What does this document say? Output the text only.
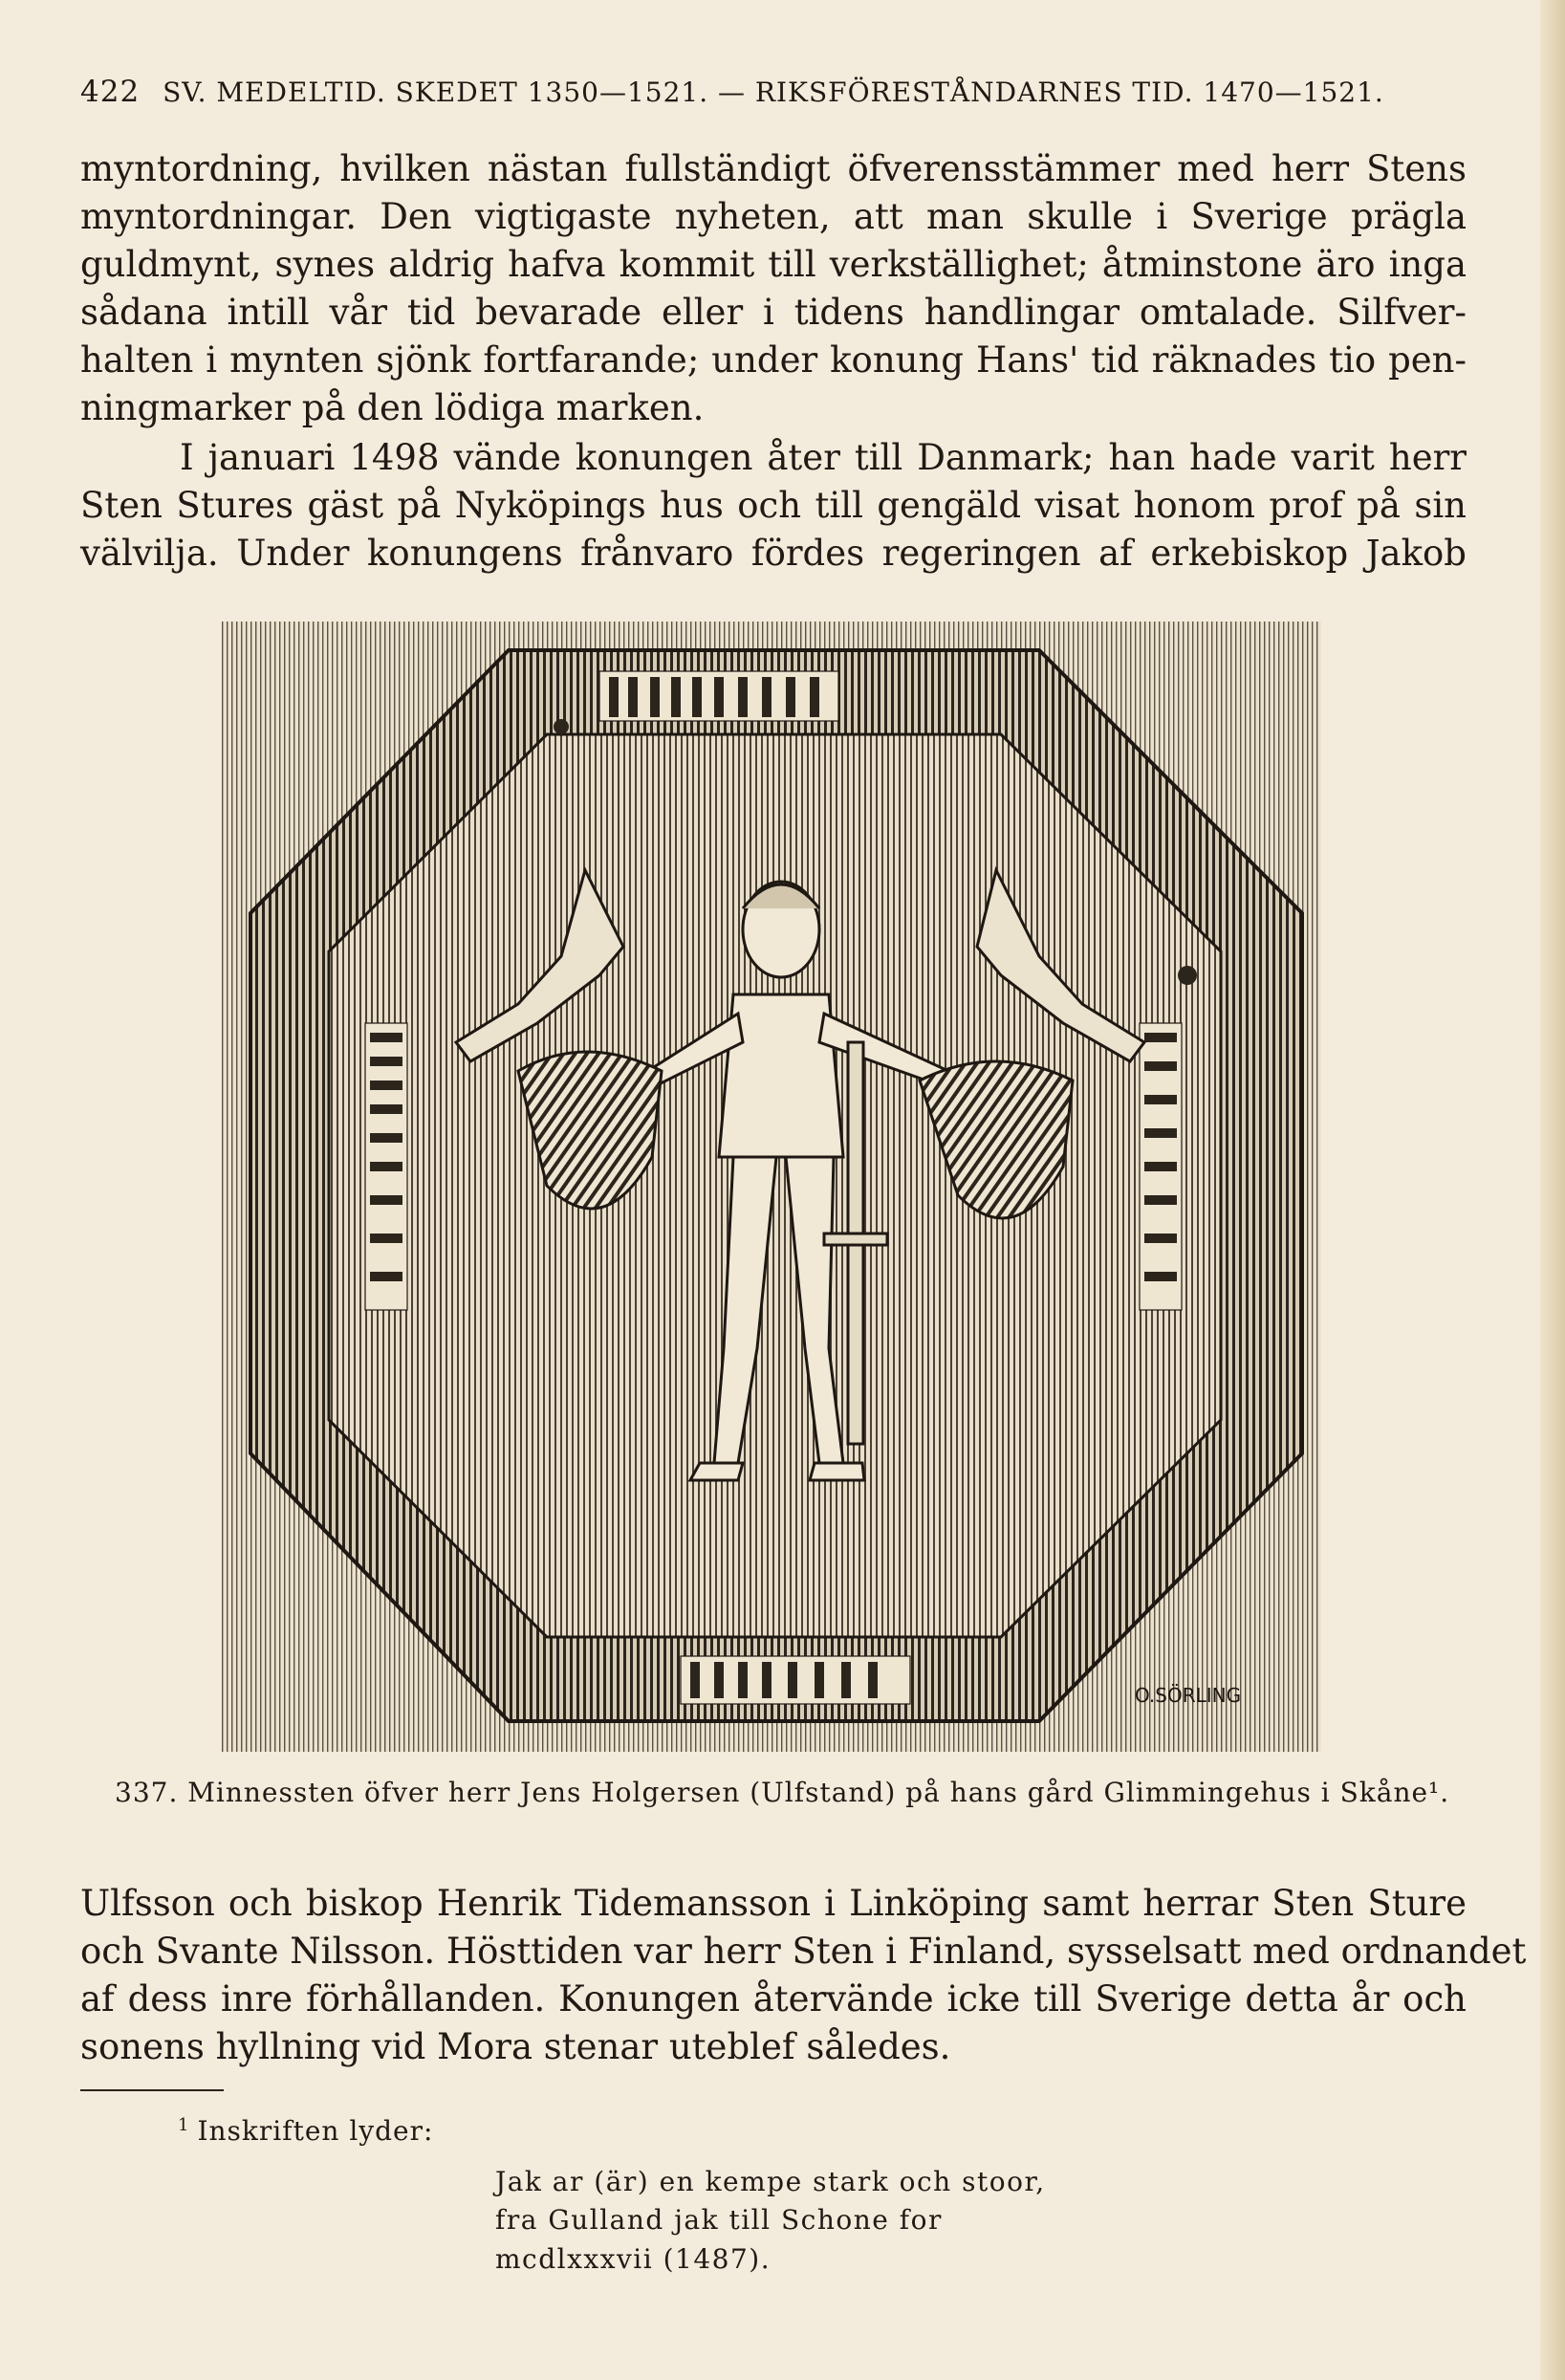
422 SV. MEDELTID. SKEDET 1350—1521. — RIKSFÖRESTÅNDARNES TID. 1470—1521.
myntordning, hvilken nästan fullständigt öfverensstämmer med herr Stens
myntordningar. Den vigtigaste nyheten, att man skulle i Sverige prägla
guldmynt, synes aldrig hafva kommit till verkställighet; åtminstone äro inga
sådana intill vår tid bevarade eller i tidens handlingar omtalade. Silfver-
halten i mynten sjönk fortfarande; under konung Hans' tid räknades tio pen-
ningmarker på den lödiga marken.
I januari 1498 vände konungen åter till Danmark; han hade varit herr
Sten Stures gäst på Nyköpings hus och till gengäld visat honom prof på sin
välvilja. Under konungens frånvaro fördes regeringen af erkebiskop Jakob
O.SÖRLING
337. Minnessten öfver herr Jens Holgersen (Ulfstand) på hans gård Glimmingehus i Skåne¹.
Ulfsson och biskop Henrik Tidemansson i Linköping samt herrar Sten Sture
och Svante Nilsson. Hösttiden var herr Sten i Finland, sysselsatt med ordnandet
af dess inre förhållanden. Konungen återvände icke till Sverige detta år och
sonens hyllning vid Mora stenar uteblef således.
$^1$ Inskriften lyder:
Jak ar (är) en kempe stark och stoor,
fra Gulland jak till Schone for
mcdlxxxvii (1487).
